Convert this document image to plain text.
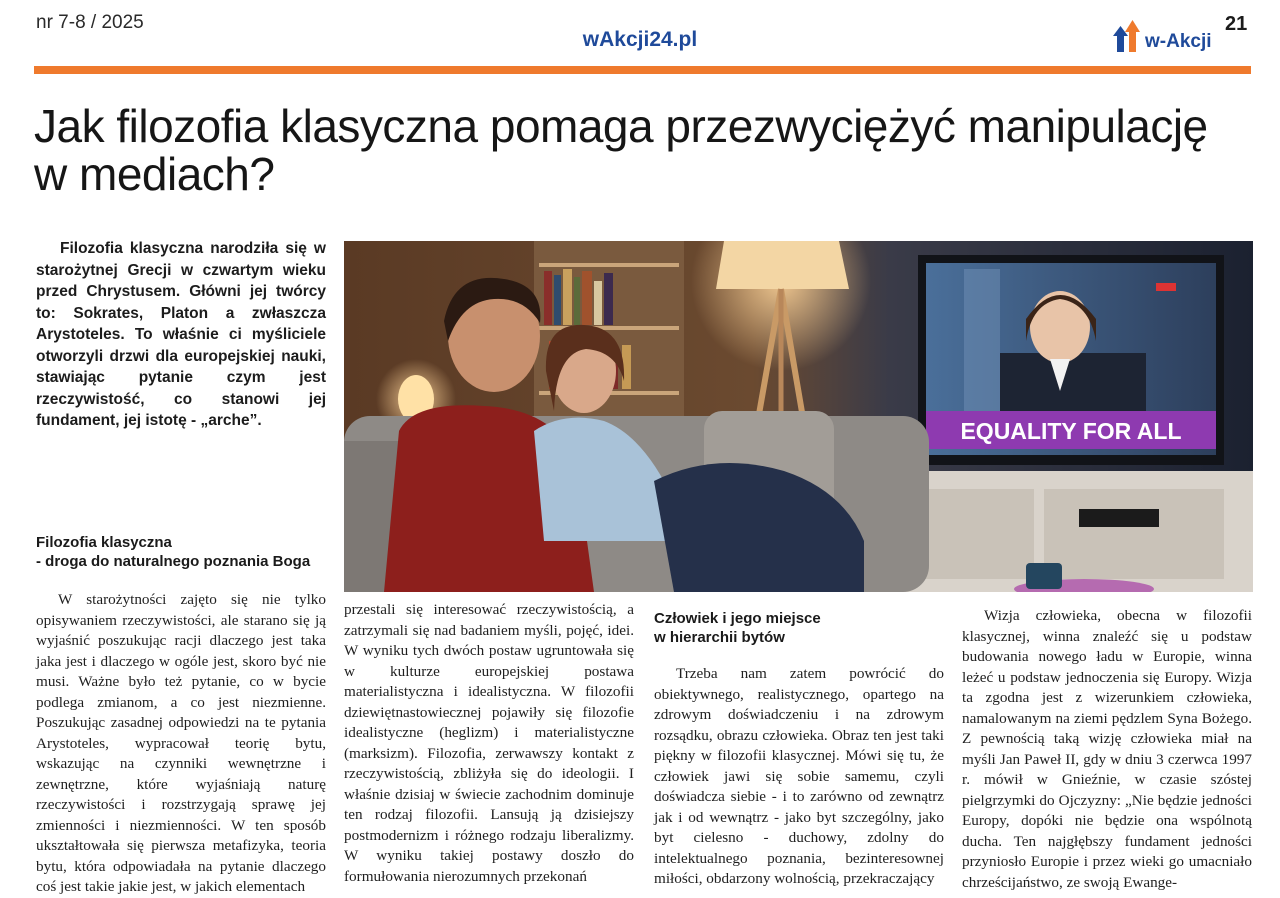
nr 7-8 / 2025
wAkcji24.pl	w-Akcji
21
Jak filozofia klasyczna pomaga przezwyciężyć manipulację w mediach?

Filozofia klasyczna narodziła się w starożytnej Grecji w czwartym wieku przed Chrystusem. Główni jej twórcy to: Sokrates, Platon a zwłaszcza Arystoteles. To właśnie ci myśliciele otworzyli drzwi dla europejskiej nauki, stawiając pytanie czym jest rzeczywistość, co stanowi jej fundament, jej istotę - „arche”.	EQUALITY FOR ALL
Filozofia klasyczna
- droga do naturalnego poznania Boga

W starożytności zajęto się nie tylko opisywaniem rzeczywistości, ale starano się ją wyjaśnić poszukując racji dlaczego jest taka jaka jest i dlaczego w ogóle jest, skoro być nie musi. Ważne było też pytanie, co w bycie podlega zmianom, a co jest niezmienne. Poszukując zasadnej odpowiedzi na te pytania Arystoteles, wypracował teorię bytu, wskazując na czynniki wewnętrzne i zewnętrzne, które wyjaśniają naturę rzeczywistości i rozstrzygają sprawę jej zmienności i niezmienności. W ten sposób ukształtowała się pierwsza metafizyka, teoria bytu, która odpowiadała na pytanie dlaczego coś jest takie jakie jest, w jakich elementach

przestali się interesować rzeczywistością, a zatrzymali się nad badaniem myśli, pojęć, idei. W wyniku tych dwóch postaw ugruntowała się w kulturze europejskiej postawa materialistyczna i idealistyczna. W filozofii dziewiętnastowiecznej pojawiły się filozofie idealistyczne (heglizm) i materialistyczne (marksizm). Filozofia, zerwawszy kontakt z rzeczywistością, zbliżyła się do ideologii. I właśnie dzisiaj w świecie zachodnim dominuje ten rodzaj filozofii. Lansują ją dzisiejszy postmodernizm i różnego rodzaju liberalizmy. W wyniku takiej postawy doszło do formułowania nierozumnych przekonań

Człowiek i jego miejsce
w hierarchii bytów

Trzeba nam zatem powrócić do obiektywnego, realistycznego, opartego na zdrowym doświadczeniu i na zdrowym rozsądku, obrazu człowieka. Obraz ten jest taki piękny w filozofii klasycznej. Mówi się tu, że człowiek jawi się sobie samemu, czyli doświadcza siebie - i to zarówno od zewnątrz jak i od wewnątrz - jako byt szczególny, jako byt cielesno - duchowy, zdolny do intelektualnego poznania, bezinteresownej miłości, obdarzony wolnością, przekraczający

Wizja człowieka, obecna w filozofii klasycznej, winna znaleźć się u podstaw budowania nowego ładu w Europie, winna leżeć u podstaw jednoczenia się Europy. Wizja ta zgodna jest z wizerunkiem człowieka, namalowanym na ziemi pędzlem Syna Bożego. Z pewnością taką wizję człowieka miał na myśli Jan Paweł II, gdy w dniu 3 czerwca 1997 r. mówił w Gnieźnie, w czasie szóstej pielgrzymki do Ojczyzny: „Nie będzie jedności Europy, dopóki nie będzie ona wspólnotą ducha. Ten najgłębszy fundament jedności przyniosło Europie i przez wieki go umacniało chrześcijaństwo, ze swoją Ewange-
